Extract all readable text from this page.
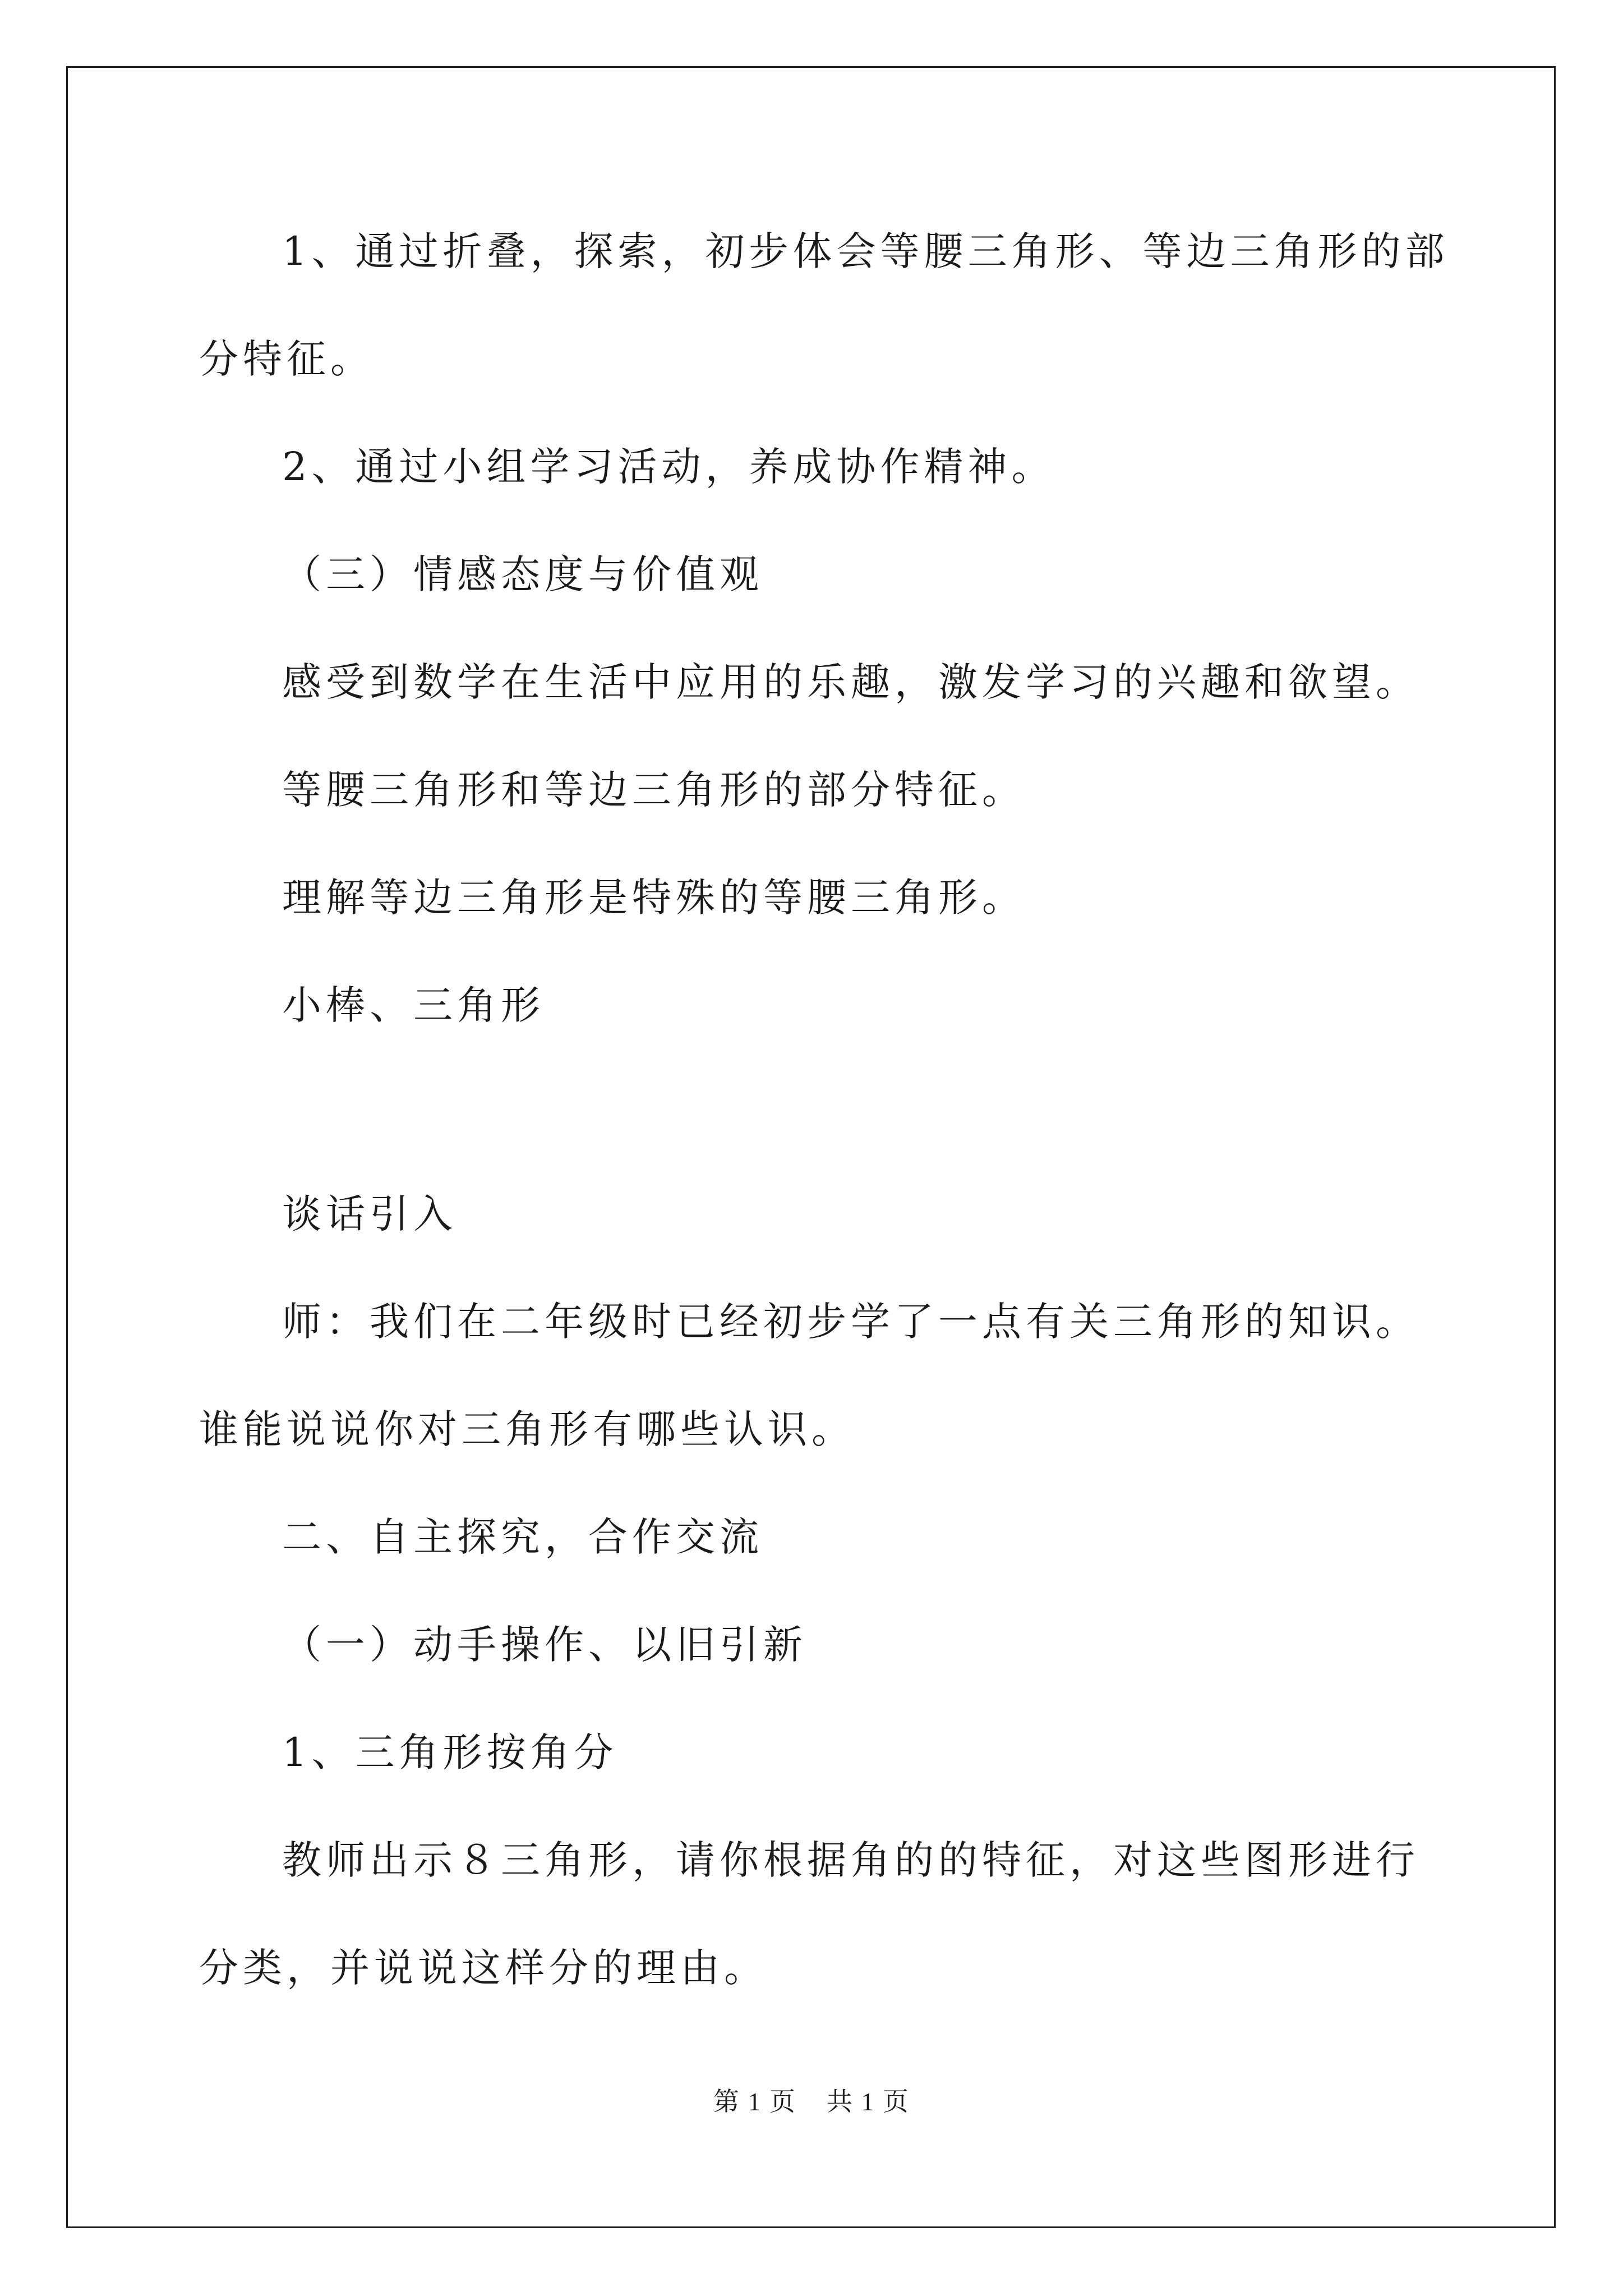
1、通过折叠，探索，初步体会等腰三角形、等边三角形的部分特征。
2、通过小组学习活动，养成协作精神。
（三）情感态度与价值观
感受到数学在生活中应用的乐趣，激发学习的兴趣和欲望。
等腰三角形和等边三角形的部分特征。
理解等边三角形是特殊的等腰三角形。
小棒、三角形
谈话引入
师：我们在二年级时已经初步学了一点有关三角形的知识。谁能说说你对三角形有哪些认识。
二、自主探究，合作交流
（一）动手操作、以旧引新
1、三角形按角分
教师出示８三角形，请你根据角的的特征，对这些图形进行分类，并说说这样分的理由。
第 1 页    共 1 页
